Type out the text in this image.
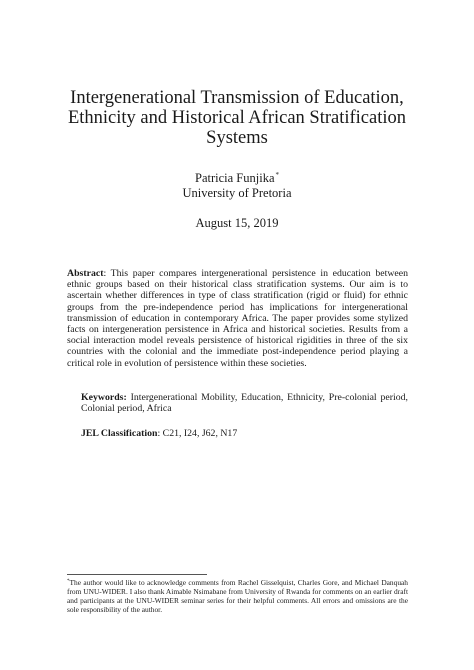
Intergenerational Transmission of Education, Ethnicity and Historical African Stratification Systems
Patricia Funjika*
University of Pretoria
August 15, 2019
Abstract: This paper compares intergenerational persistence in education between ethnic groups based on their historical class stratification systems. Our aim is to ascertain whether differences in type of class stratification (rigid or fluid) for ethnic groups from the pre-independence period has implications for intergenerational transmission of education in contemporary Africa. The paper provides some stylized facts on intergeneration persistence in Africa and historical societies. Results from a social interaction model reveals persistence of historical rigidities in three of the six countries with the colonial and the immediate post-independence period playing a critical role in evolution of persistence within these societies.
Keywords: Intergenerational Mobility, Education, Ethnicity, Pre-colonial period, Colonial period, Africa
JEL Classification: C21, I24, J62, N17
*The author would like to acknowledge comments from Rachel Gisselquist, Charles Gore, and Michael Danquah from UNU-WIDER. I also thank Aimable Nsimabane from University of Rwanda for comments on an earlier draft and participants at the UNU-WIDER seminar series for their helpful comments. All errors and omissions are the sole responsibility of the author.
